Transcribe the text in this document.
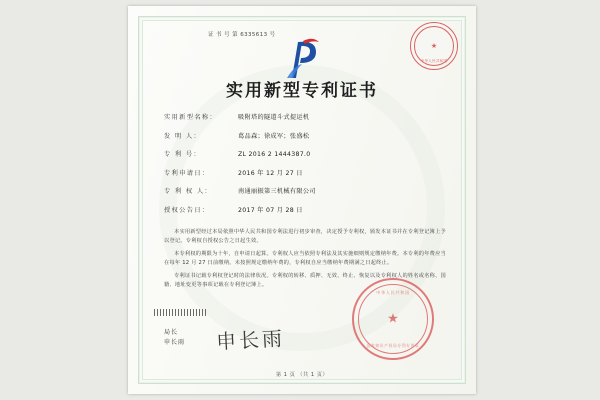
证 书 号 第 6335613 号
★
中华人民共和国
实用新型专利证书
实用新型名称：	吸附塔的隧道斗式提运机
发 明 人：	葛品森；徐成军；张盛松
专 利 号：	ZL 2016 2 1444387.0
专利申请日：	2016 年 12 月 27 日
专 利 权 人：	南通丽振第三机械有限公司
授权公告日：	2017 年 07 月 28 日

本实用新型经过本局依照中华人民共和国专利法进行初步审查，决定授予专利权，颁发本证书并在专利登记簿上予以登记。专利权自授权公告之日起生效。

本专利权的期限为十年，自申请日起算。专利权人应当依照专利法及其实施细则规定缴纳年费。本专利的年费应当在每年 12 月 27 日前缴纳。未按照规定缴纳年费的，专利权自应当缴纳年费期满之日起终止。

专利证书记载专利权登记时的法律状况。专利权的转移、质押、无效、终止、恢复以及专利权人的姓名或名称、国籍、地址变更等事项记载在专利登记簿上。

局长
申长雨	申长雨
中华人民共和国
★
国家知识产权局专利专用章
第 1 页 （共 1 页）
